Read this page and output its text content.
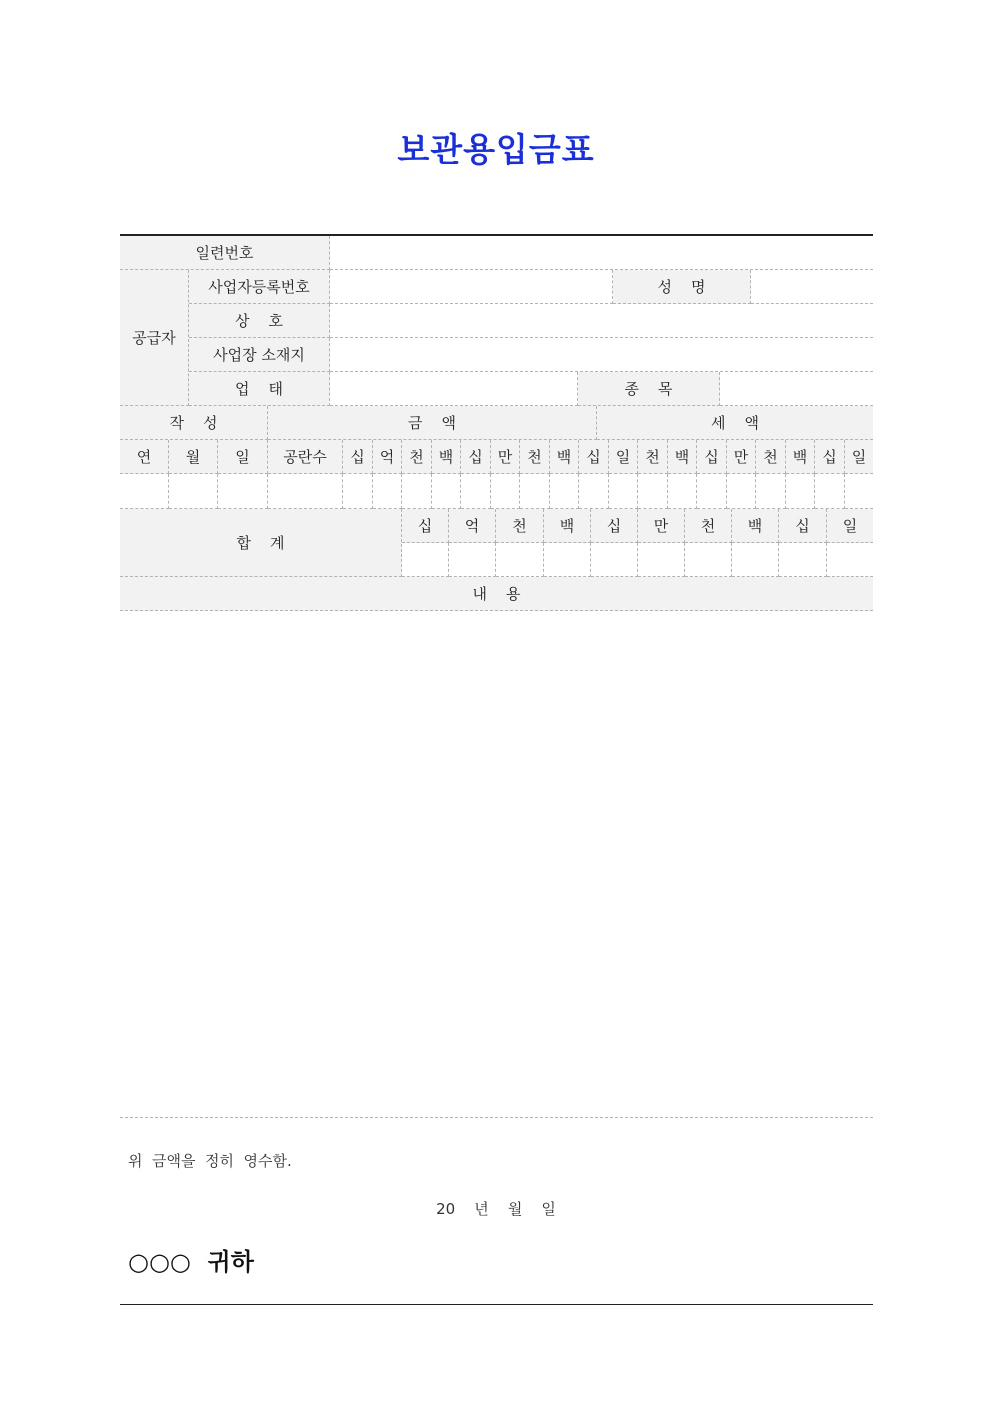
보관용입금표
일련번호
공급자
사업자등록번호	성    명
상    호
사업장 소재지
업    태	종    목
작    성	금    액	세    액
연	월	일	공란수	십	억	천	백	십	만	천	백	십	일	천	백	십	만	천	백	십	일
합    계
십	억	천	백	십	만	천	백	십	일
내    용
위  금액을  정히  영수함.
20    년    월    일
○○○  귀하
